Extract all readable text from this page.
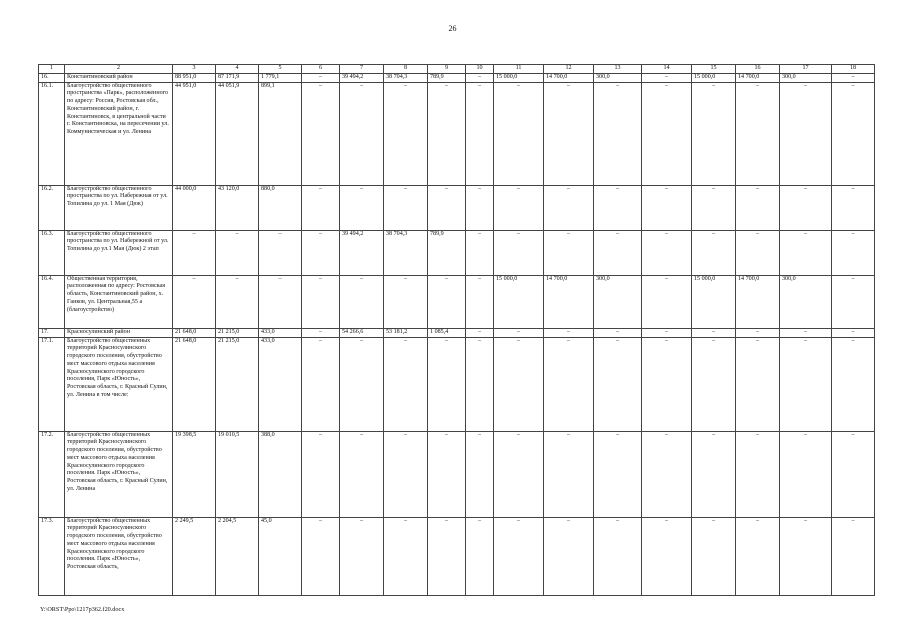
26
1	2	3	4	5	6	7	8	9	10	11	12	13	14	15	16	17	18
16.	Константиновский район	88 951,0	87 171,9	1 779,1	–	39 494,2	38 704,3	789,9	–	15 000,0	14 700,0	300,0	–	15 000,0	14 700,0	300,0	–
16.1.	Благоустройство общественного пространства «Парк», расположенного по адресу: Россия, Ростовская обл., Константиновский район, г. Константиновск, в центральной части г. Константиновска, на пересечении ул. Коммунистическая и ул. Ленина	44 951,0	44 051,9	899,1	–	–	–	–	–	–	–	–	–	–	–	–	–
16.2.	Благоустройство общественного пространства по ул. Набережная от ул. Топилина до ул. 1 Мая (Дюк)	44 000,0	43 120,0	880,0	–	–	–	–	–	–	–	–	–	–	–	–	–
16.3.	Благоустройство общественного пространства по ул. Набережной от ул. Топилина до ул.1 Мая (Дюк) 2 этап	–	–	–	–	39 494,2	38 704,3	789,9	–	–	–	–	–	–	–	–	–
16.4.	Общественная территория, расположенная по адресу: Ростовская область, Константиновский район, х. Ганков, ул. Центральная,55 а (благоустройство)	–	–	–	–	–	–	–	–	15 000,0	14 700,0	300,0	–	15 000,0	14 700,0	300,0	–
17.	Красносулинский район	21 648,0	21 215,0	433,0	–	54 266,6	53 181,2	1 085,4	–	–	–	–	–	–	–	–	–
17.1.	Благоустройство общественных территорий Красносулинского городского поселения, обустройство мест массового отдыха населения Красносулинского городского поселения, Парк «Юность», Ростовская область, г. Красный Сулин, ул. Ленина в том числе:	21 648,0	21 215,0	433,0	–	–	–	–	–	–	–	–	–	–	–	–	–
17.2.	Благоустройство общественных территорий Красносулинского городского поселения, обустройство мест массового отдыха населения Красносулинского городского поселения. Парк «Юность», Ростовская область, г. Красный Сулин, ул. Ленина	19 398,5	19 010,5	388,0	–	–	–	–	–	–	–	–	–	–	–	–	–
17.3.	Благоустройство общественных территорий Красносулинского городского поселения, обустройство мест массового отдыха населения Красносулинского городского поселения. Парк «Юность», Ростовская область,	2 249,5	2 204,5	45,0	–	–	–	–	–	–	–	–	–	–	–	–	–
Y:\ORST\Ppo\1217p362.f20.docx
